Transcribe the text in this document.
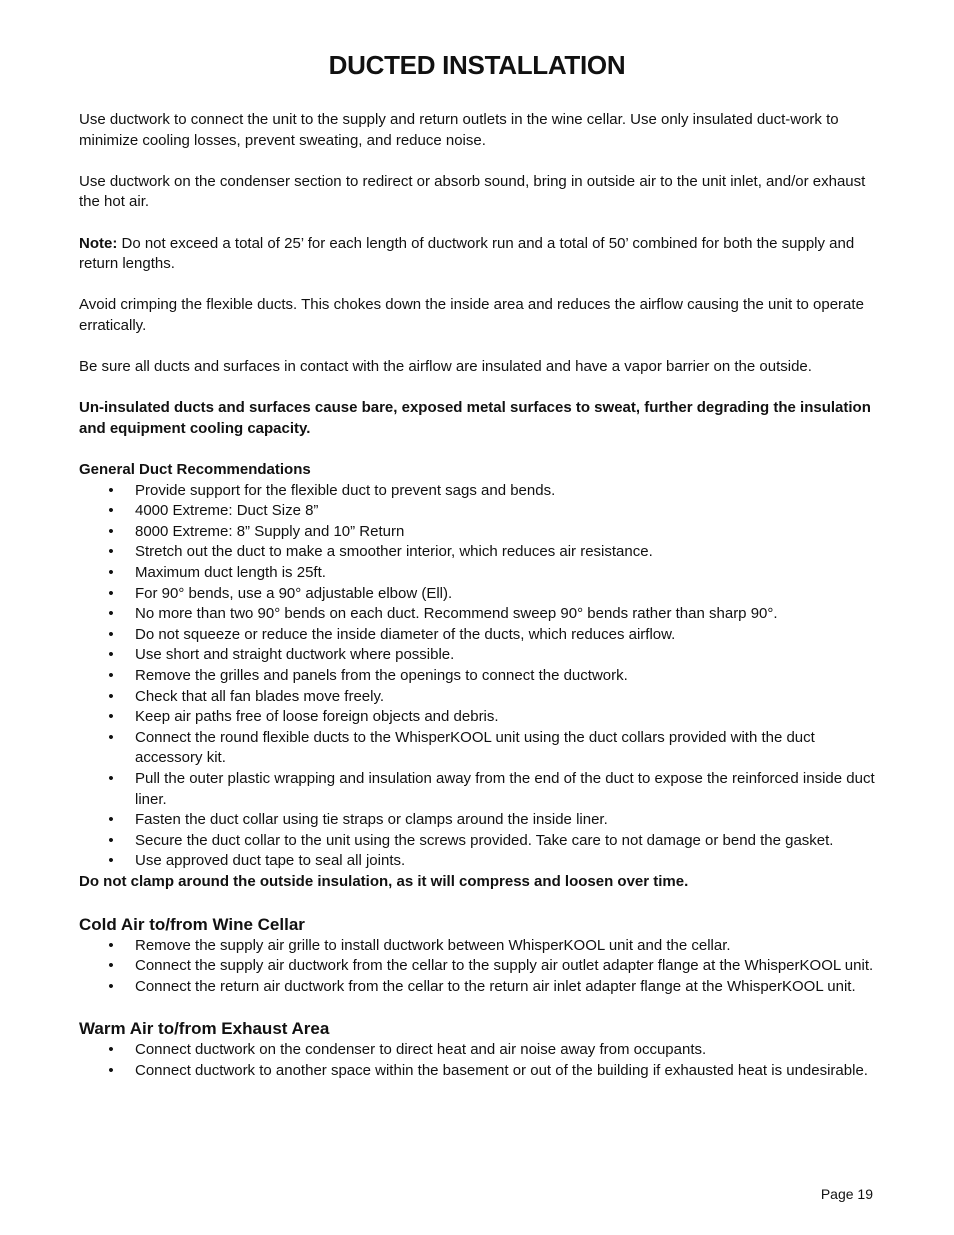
DUCTED INSTALLATION

Use ductwork to connect the unit to the supply and return outlets in the wine cellar. Use only insulated duct-work to minimize cooling losses, prevent sweating, and reduce noise.

Use ductwork on the condenser section to redirect or absorb sound, bring in outside air to the unit inlet, and/or exhaust the hot air.

Note: Do not exceed a total of 25’ for each length of ductwork run and a total of 50’ combined for both the supply and return lengths.

Avoid crimping the flexible ducts. This chokes down the inside area and reduces the airflow causing the unit to operate erratically.

Be sure all ducts and surfaces in contact with the airflow are insulated and have a vapor barrier on the outside.

Un-insulated ducts and surfaces cause bare, exposed metal surfaces to sweat, further degrading the insulation and equipment cooling capacity.

General Duct Recommendations

• Provide support for the flexible duct to prevent sags and bends.
• 4000 Extreme: Duct Size 8”
• 8000 Extreme: 8” Supply and 10” Return
• Stretch out the duct to make a smoother interior, which reduces air resistance.
• Maximum duct length is 25ft.
• For 90° bends, use a 90° adjustable elbow (Ell).
• No more than two 90° bends on each duct. Recommend sweep 90° bends rather than sharp 90°.
• Do not squeeze or reduce the inside diameter of the ducts, which reduces airflow.
• Use short and straight ductwork where possible.
• Remove the grilles and panels from the openings to connect the ductwork.
• Check that all fan blades move freely.
• Keep air paths free of loose foreign objects and debris.
• Connect the round flexible ducts to the WhisperKOOL unit using the duct collars provided with the duct accessory kit.
• Pull the outer plastic wrapping and insulation away from the end of the duct to expose the reinforced inside duct liner.
• Fasten the duct collar using tie straps or clamps around the inside liner.
• Secure the duct collar to the unit using the screws provided. Take care to not damage or bend the gasket.
• Use approved duct tape to seal all joints.

Do not clamp around the outside insulation, as it will compress and loosen over time.

Cold Air to/from Wine Cellar

• Remove the supply air grille to install ductwork between WhisperKOOL unit and the cellar.
• Connect the supply air ductwork from the cellar to the supply air outlet adapter flange at the WhisperKOOL unit.
• Connect the return air ductwork from the cellar to the return air inlet adapter flange at the WhisperKOOL unit.

Warm Air to/from Exhaust Area

• Connect ductwork on the condenser to direct heat and air noise away from occupants.
• Connect ductwork to another space within the basement or out of the building if exhausted heat is undesirable.
Page 19
